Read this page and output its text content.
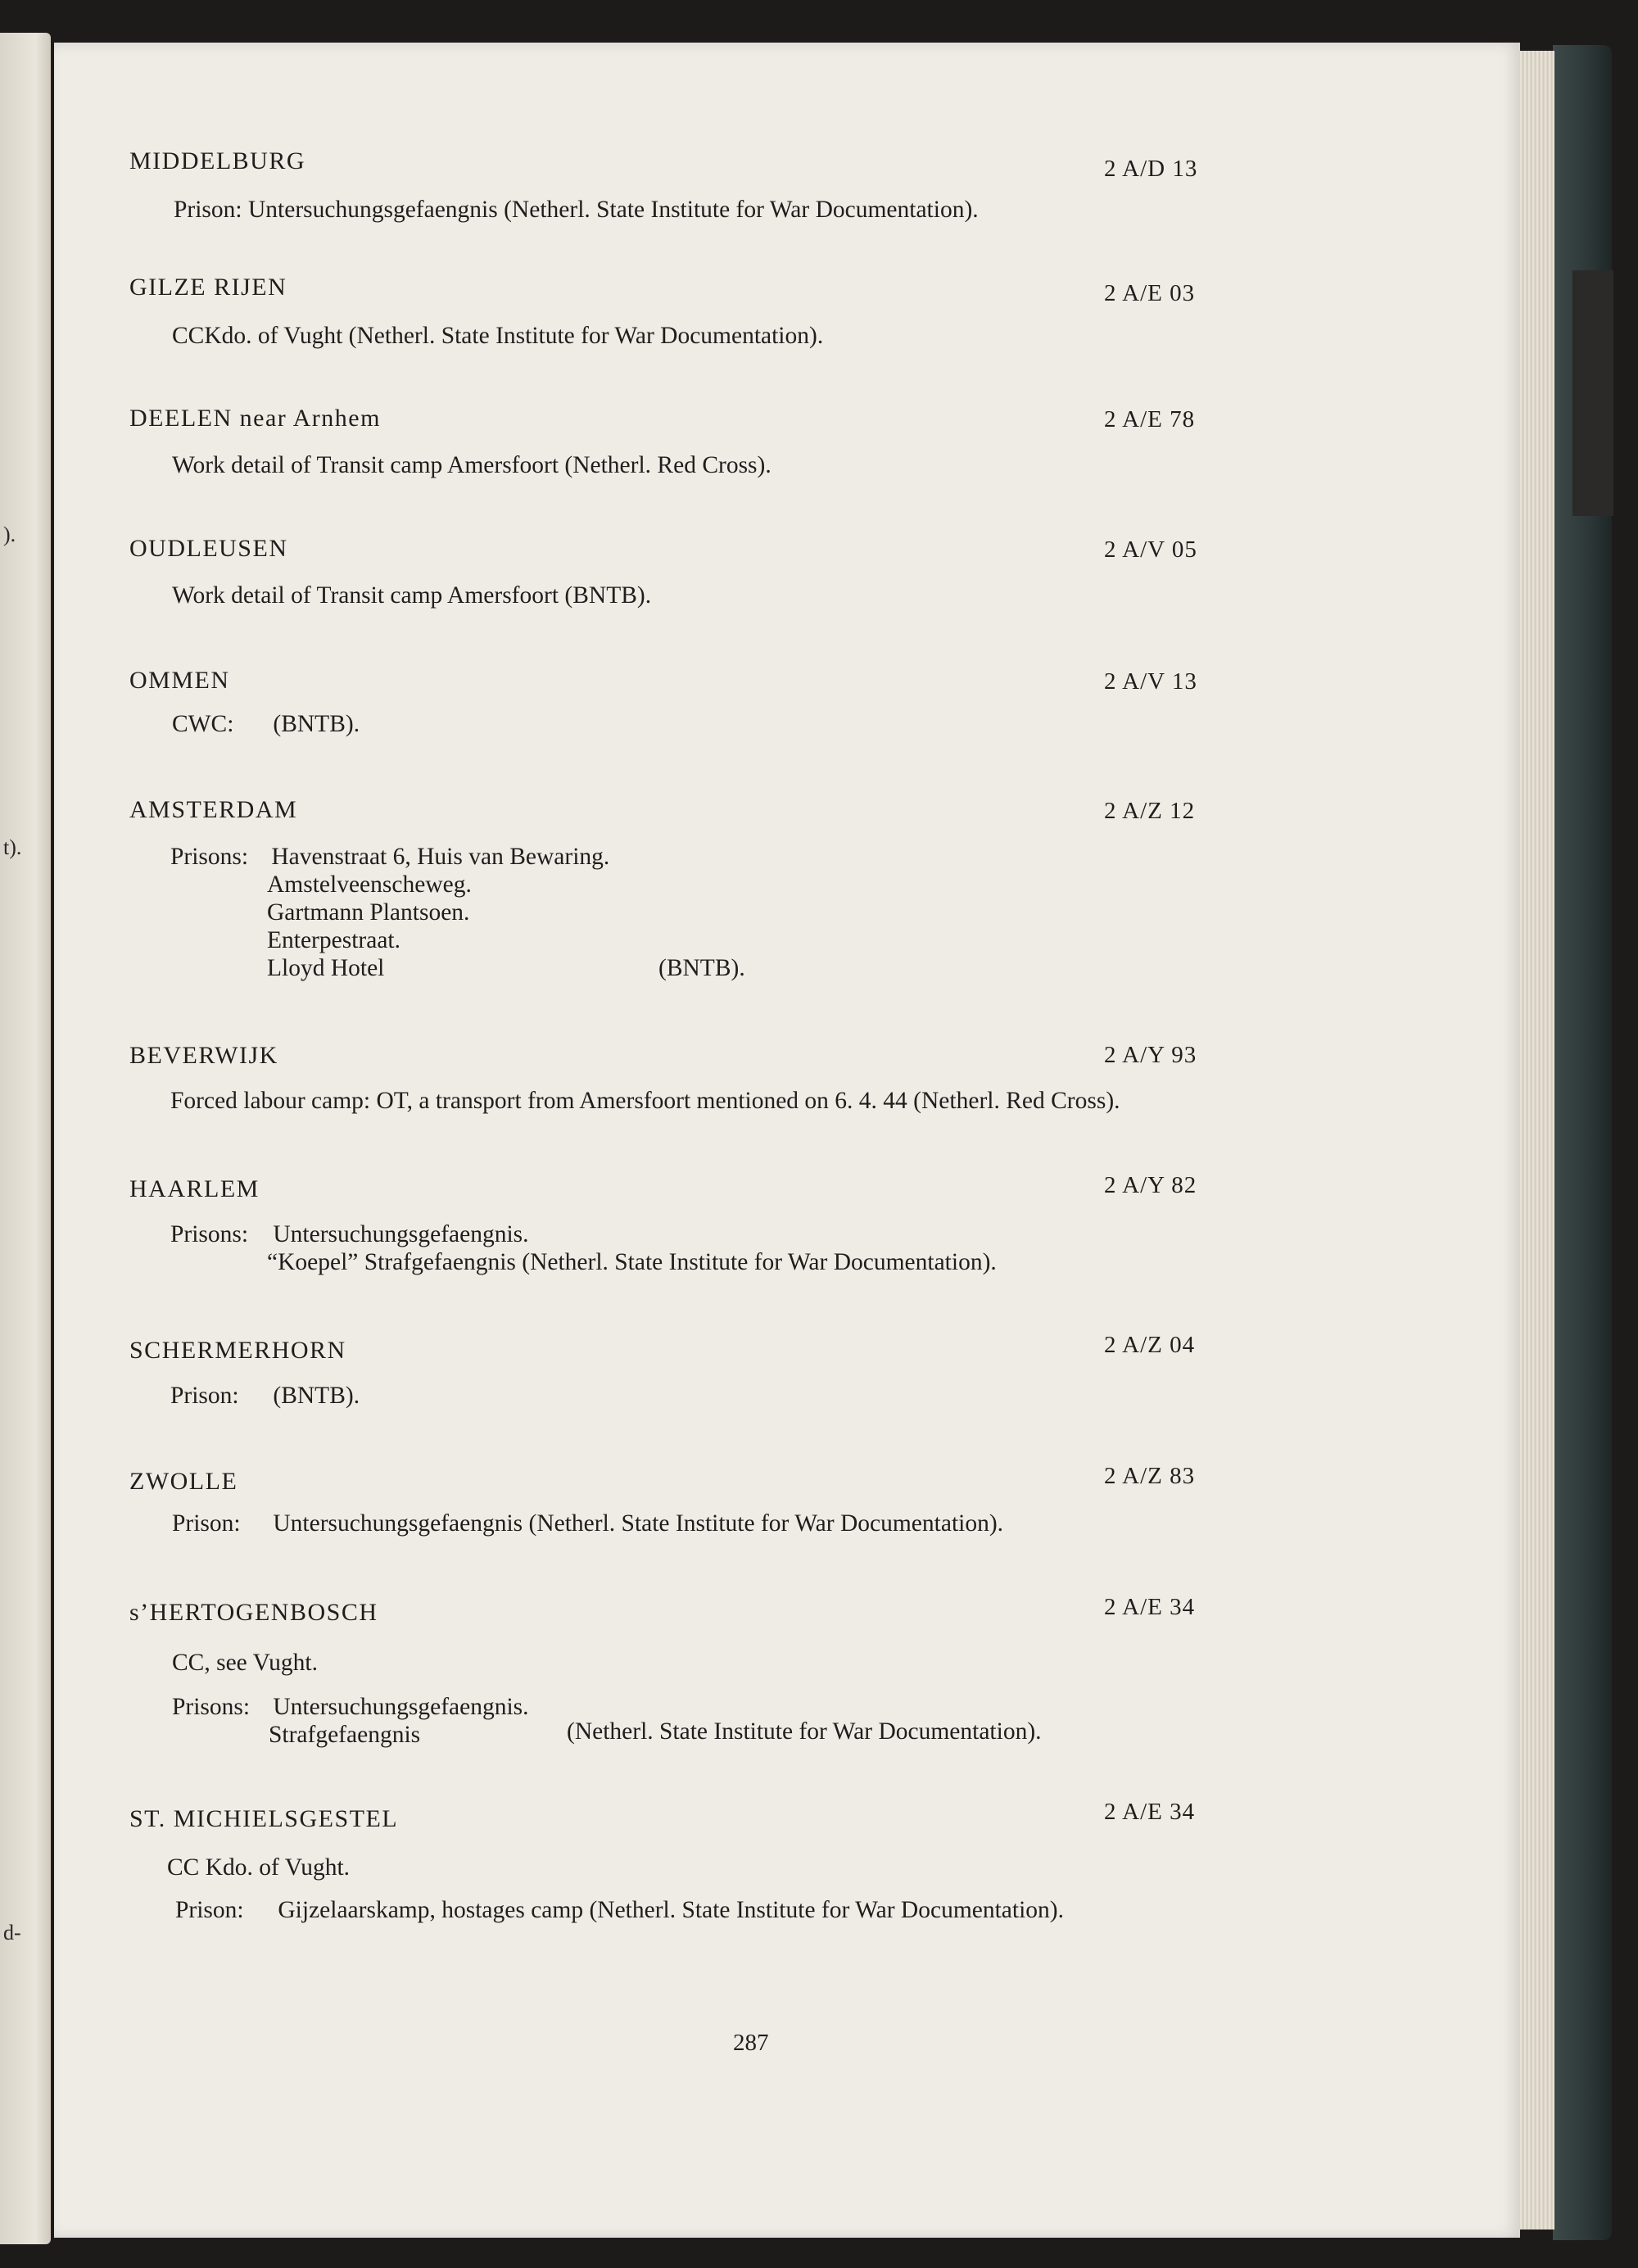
).
t).
d-
MIDDELBURG	2 A/D 13
Prison: Untersuchungsgefaengnis (Netherl. State Institute for War Documentation).
GILZE RIJEN	2 A/E 03
CCKdo. of Vught (Netherl. State Institute for War Documentation).
DEELEN near Arnhem	2 A/E 78
Work detail of Transit camp Amersfoort (Netherl. Red Cross).
OUDLEUSEN	2 A/V 05
Work detail of Transit camp Amersfoort (BNTB).
OMMEN	2 A/V 13
CWC: (BNTB).
AMSTERDAM	2 A/Z 12
Prisons: Havenstraat 6, Huis van Bewaring.
Amstelveenscheweg.
Gartmann Plantsoen.
Enterpestraat.
Lloyd Hotel	(BNTB).
BEVERWIJK	2 A/Y 93
Forced labour camp: OT, a transport from Amersfoort mentioned on 6. 4. 44 (Netherl. Red Cross).
HAARLEM	2 A/Y 82
Prisons: Untersuchungsgefaengnis.
“Koepel” Strafgefaengnis (Netherl. State Institute for War Documentation).
SCHERMERHORN	2 A/Z 04
Prison: (BNTB).
ZWOLLE	2 A/Z 83
Prison: Untersuchungsgefaengnis (Netherl. State Institute for War Documentation).
s’HERTOGENBOSCH	2 A/E 34
CC, see Vught.
Prisons: Untersuchungsgefaengnis.
Strafgefaengnis	(Netherl. State Institute for War Documentation).
ST. MICHIELSGESTEL	2 A/E 34
CC Kdo. of Vught.
Prison: Gijzelaarskamp, hostages camp (Netherl. State Institute for War Documentation).
287
